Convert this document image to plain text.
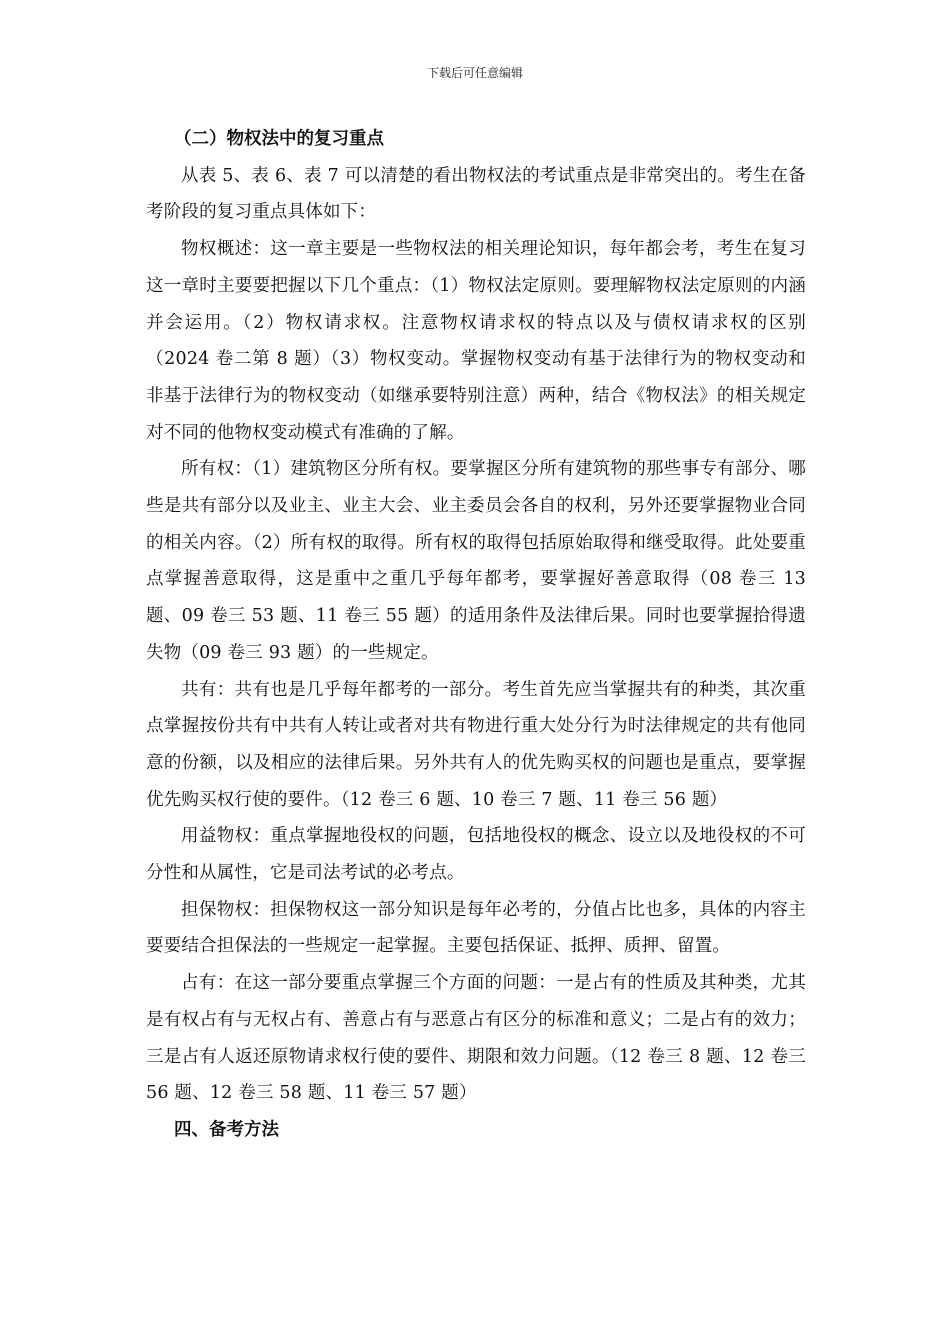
下载后可任意编辑
（二）物权法中的复习重点

从表 5、表 6、表 7 可以清楚的看出物权法的考试重点是非常突出的。考生在备考阶段的复习重点具体如下：

物权概述：这一章主要是一些物权法的相关理论知识，每年都会考，考生在复习这一章时主要要把握以下几个重点：（1）物权法定原则。要理解物权法定原则的内涵并会运用。（2）物权请求权。注意物权请求权的特点以及与债权请求权的区别（2024 卷二第 8 题）（3）物权变动。掌握物权变动有基于法律行为的物权变动和非基于法律行为的物权变动（如继承要特别注意）两种，结合《物权法》的相关规定对不同的他物权变动模式有准确的了解。

所有权：（1）建筑物区分所有权。要掌握区分所有建筑物的那些事专有部分、哪些是共有部分以及业主、业主大会、业主委员会各自的权利，另外还要掌握物业合同的相关内容。（2）所有权的取得。所有权的取得包括原始取得和继受取得。此处要重点掌握善意取得，这是重中之重几乎每年都考，要掌握好善意取得（08 卷三 13 题、09 卷三 53 题、11 卷三 55 题）的适用条件及法律后果。同时也要掌握拾得遗失物（09 卷三 93 题）的一些规定。

共有：共有也是几乎每年都考的一部分。考生首先应当掌握共有的种类，其次重点掌握按份共有中共有人转让或者对共有物进行重大处分行为时法律规定的共有他同意的份额，以及相应的法律后果。另外共有人的优先购买权的问题也是重点，要掌握优先购买权行使的要件。（12 卷三 6 题、10 卷三 7 题、11 卷三 56 题）

用益物权：重点掌握地役权的问题，包括地役权的概念、设立以及地役权的不可分性和从属性，它是司法考试的必考点。

担保物权：担保物权这一部分知识是每年必考的，分值占比也多，具体的内容主要要结合担保法的一些规定一起掌握。主要包括保证、抵押、质押、留置。

占有：在这一部分要重点掌握三个方面的问题：一是占有的性质及其种类，尤其是有权占有与无权占有、善意占有与恶意占有区分的标准和意义；二是占有的效力；三是占有人返还原物请求权行使的要件、期限和效力问题。（12 卷三 8 题、12 卷三 56 题、12 卷三 58 题、11 卷三 57 题）

四、备考方法
